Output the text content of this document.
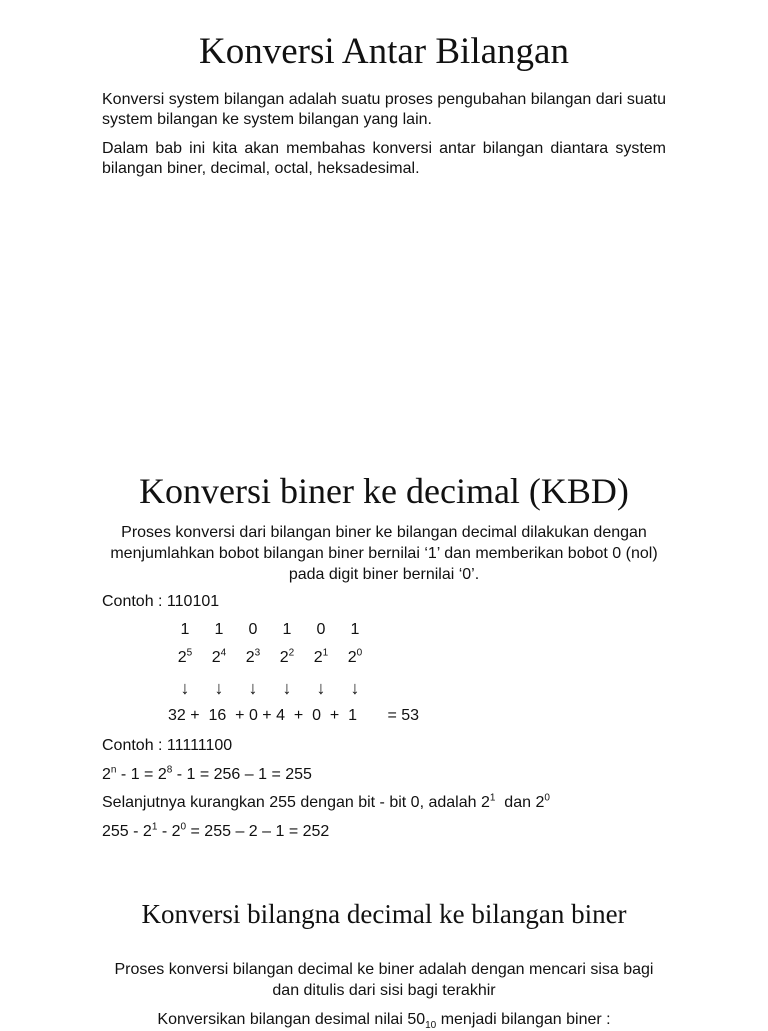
Konversi Antar Bilangan

Konversi system bilangan adalah suatu proses pengubahan bilangan dari suatu system bilangan ke system bilangan yang lain.

Dalam bab ini kita akan membahas konversi antar bilangan diantara system bilangan biner, decimal, octal, heksadesimal.

Konversi biner ke decimal (KBD)

Proses konversi dari bilangan biner ke bilangan decimal dilakukan dengan menjumlahkan bobot bilangan biner bernilai ‘1’ dan memberikan bobot 0 (nol) pada digit biner bernilai ‘0’.

Contoh : 110101

1	1	0	1	0	1
$2^5$	$2^4$	$2^3$	$2^2$	$2^1$	$2^0$
↓	↓	↓	↓	↓	↓
32 +  16  + 0 + 4  +  0  +  1 = 53

Contoh : 11111100

$2^n - 1 = 2^8 - 1 = 256 - 1 = 255$

Selanjutnya kurangkan 255 dengan bit - bit 0, adalah $2^1$  dan $2^0$

$255 - 2^1 - 2^0 = 255 - 2 - 1 = 252$

Konversi bilangna decimal ke bilangan biner

Proses konversi bilangan decimal ke biner adalah dengan mencari sisa bagi dan ditulis dari sisi bagi terakhir

Konversikan bilangan desimal nilai $50_{10}$ menjadi bilangan biner :
